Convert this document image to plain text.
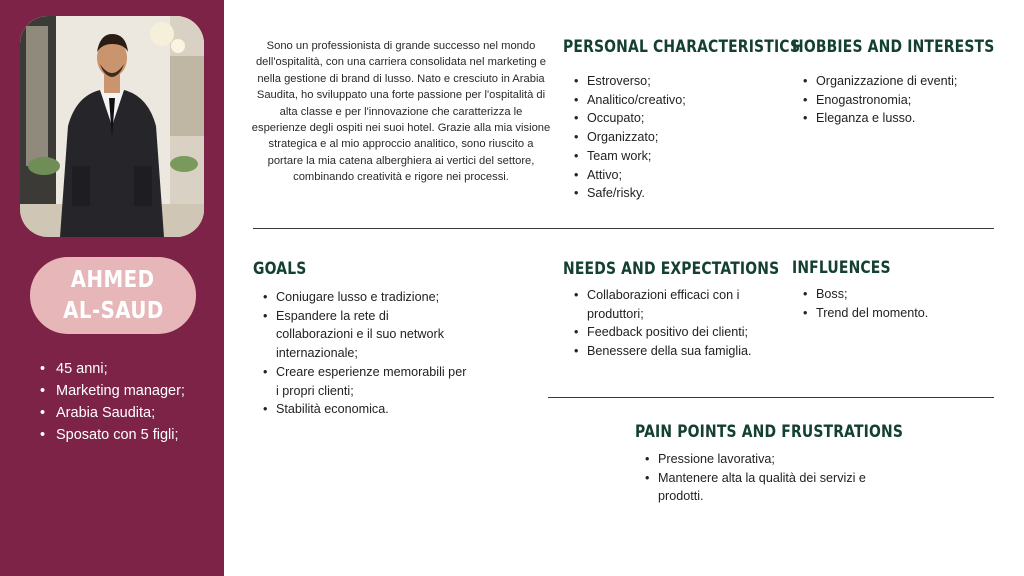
AHMED
AL-SAUD
• 45 anni;
• Marketing manager;
• Arabia Saudita;
• Sposato con 5 figli;

Sono un professionista di grande successo nel mondo dell'ospitalità, con una carriera consolidata nel marketing e nella gestione di brand di lusso. Nato e cresciuto in Arabia Saudita, ho sviluppato una forte passione per l'ospitalità di alta classe e per l'innovazione che caratterizza le esperienze degli ospiti nei suoi hotel. Grazie alla mia visione strategica e al mio approccio analitico, sono riuscito a portare la mia catena alberghiera ai vertici del settore, combinando creatività e rigore nei processi.

PERSONAL CHARACTERISTICS
• Estroverso;
• Analitico/creativo;
• Occupato;
• Organizzato;
• Team work;
• Attivo;
• Safe/risky.
HOBBIES AND INTERESTS
• Organizzazione di eventi;
• Enogastronomia;
• Eleganza e lusso.
GOALS
• Coniugare lusso e tradizione;
• Espandere la rete di collaborazioni e il suo network internazionale;
• Creare esperienze memorabili per i propri clienti;
• Stabilità economica.
NEEDS AND EXPECTATIONS
• Collaborazioni efficaci con i produttori;
• Feedback positivo dei clienti;
• Benessere della sua famiglia.
INFLUENCES
• Boss;
• Trend del momento.
PAIN POINTS AND FRUSTRATIONS
• Pressione lavorativa;
• Mantenere alta la qualità dei servizi e prodotti.
